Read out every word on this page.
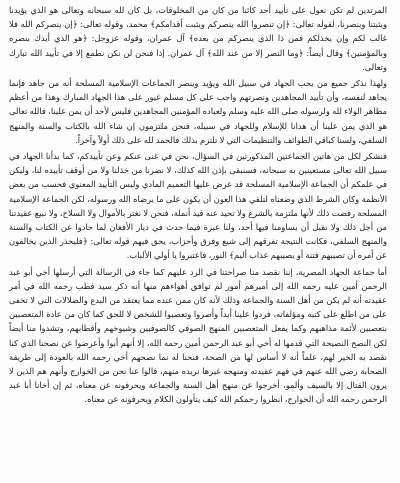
المرتدين لم تكن نعول على تأييد أحد كائنا من كان من المخلوقات، بل كان لله سبحانه وتعالى هو الذي يؤيدنا ويثبتنا وينصرنا، لقوله تعالى: ﴿إن تنصروا الله ينصركم ويثبت أقدامكم﴾ محمد، وقوله تعالى: ﴿إن ينصركم الله فلا غالب لكم وإن يخذلكم فمن ذا الذي ينصركم من بعده﴾ آل عمران، وقوله عزوجل: ﴿هو الذي أيدك بنصره وبالمؤمنين﴾ وقال أيضاً: ﴿وما النصر إلا من عند الله﴾ آل عمران. إذا فنحن لن نكن نطمع إلا في تأييد الله تبارك وتعالى.

ولهذا نذكر جميع من يحب الجهاد في سبيل الله ويؤيد وينصر الجماعات الإسلامية المسلحة أنه من جاهد فإنما يجاهد لنفسه، وأن تأييد المجاهدين ونصرتهم واجب على كل مسلم غيور على هذا الجهاد المبارك وهذا من أعظم مظاهر الولاء لله ولرسوله صلى الله عليه وسلم ولعباده المؤمنين المجاهدين فليس لأحد أن يمن علينا، فالله تعالى هو الذي يمن علينا أن هدانا للإسلام وللجهاد في سبيله، فنحن ملتزمون إن شاء الله بالكتاب والسنة والمنهج السلفي، ولسنا كباقي الطوائف والتنظيمات التي لا تلتزم بذلك فالحمد لله على ذلك أولاً وآخراً.

فنشكر لكل من هاتين الجماعتين المذكورتين في السؤال، نحن في غنى عنكم وعن تأييدكم، كما بدأنا الجهاد في سبيل الله تعالى مستعينين به سبحانه، فسنبقى بإذن الله كذلك، لا نضرنا من خذلنا ولا من أوقف تأييده لنا، وليكن في علمكم أن الجماعة الإسلامية المسلحة قد عرض عليها التعميم المادي وليس التأييد المعنوي فحسب من بعض الأنظمة وكان الشرط الذي وضعناه لتلقي هذا العون أن يكون على ما يرضاه الله ورسوله، لكن الجماعة الإسلامية المسلحة رفضت ذلك لأنها ملتزمة بالشرع ولا تحيد عنه قيد أنملة، فنحن لا نغتر بالأموال ولا السلاح، ولا نبيع عقيدتنا من أجل ذلك ولا نقبل أن يساومنا فيها أحد، ولنا عبرة فيما حدث في ديار الأفغان لما حادوا عن الكتاب والسنة والمنهج السلفي، فكانت النتيجة تفرقهم إلى شيع وفرق وأحزاب، يحق فيهم قوله تعالى: ﴿فليحذر الذين يخالفون عن أمره أن تصيبهم فتنة أو يصيبهم عذاب أليم﴾ النور، فاعتبروا يا أولي الألباب.

أما جماعة الجهاد المصرية، إننا نقصد منا صراحتنا في الرد عليهم كما جاء في الرسالة التي أرسلها أخي أبو عبد الرحمن أمين عليه رحمه الله إلى أميرهم أمور لم توافق أهواءهم منها أنه ذكر سيد قطب رحمه الله في أمر عقيدته أنه لم يكن من أهل السنة والجماعة وذلك لأنه كان ممن عنده مما يعتقد من البدع والضلالات التي لا تخفى على من اطلع على كتبه ومؤلفاته، فردوا علينا أبداً وأصروا وتعصبوا للشخص لا للحق كما كان من عادة المتعصبين بتعصبين لأئمة مذاهبهم وكما يفعل المتعصبين المنهج الصوفي كالصوفيين وشيوخهم وأقطابهم، وتشدوا منا أيضاً لكن النصح النصيحة التي قدمها له أخي أبو عبد الرحمن أمين رحمه الله، إلا أنهم أبوا وأعرضوا عن نصحنا الذي كنا نقصد به الخير لهم، علماً أنه لا أساس لها من الصحة، فنحنا له نما نصحهم أخي رحمه الله بالعودة إلى طريقة الصحابة رضي الله عنهم في فهم عقيدته ومنهجه غيرها نريده منهم، قالوا عنا نحن من الخوارج وأنهم هم الذين لا يرون القتال إلا بالسيف وألمو، أخرجوا عن منهج أهل السنة والجماعة ويحرفونه عن معناه، ثم إن أخانا أبا عبد الرحمن رحمه الله أن الخوارج، انظروا رحمكم الله كيف يتأولون الكلام ويحرفونه عن معناه.
